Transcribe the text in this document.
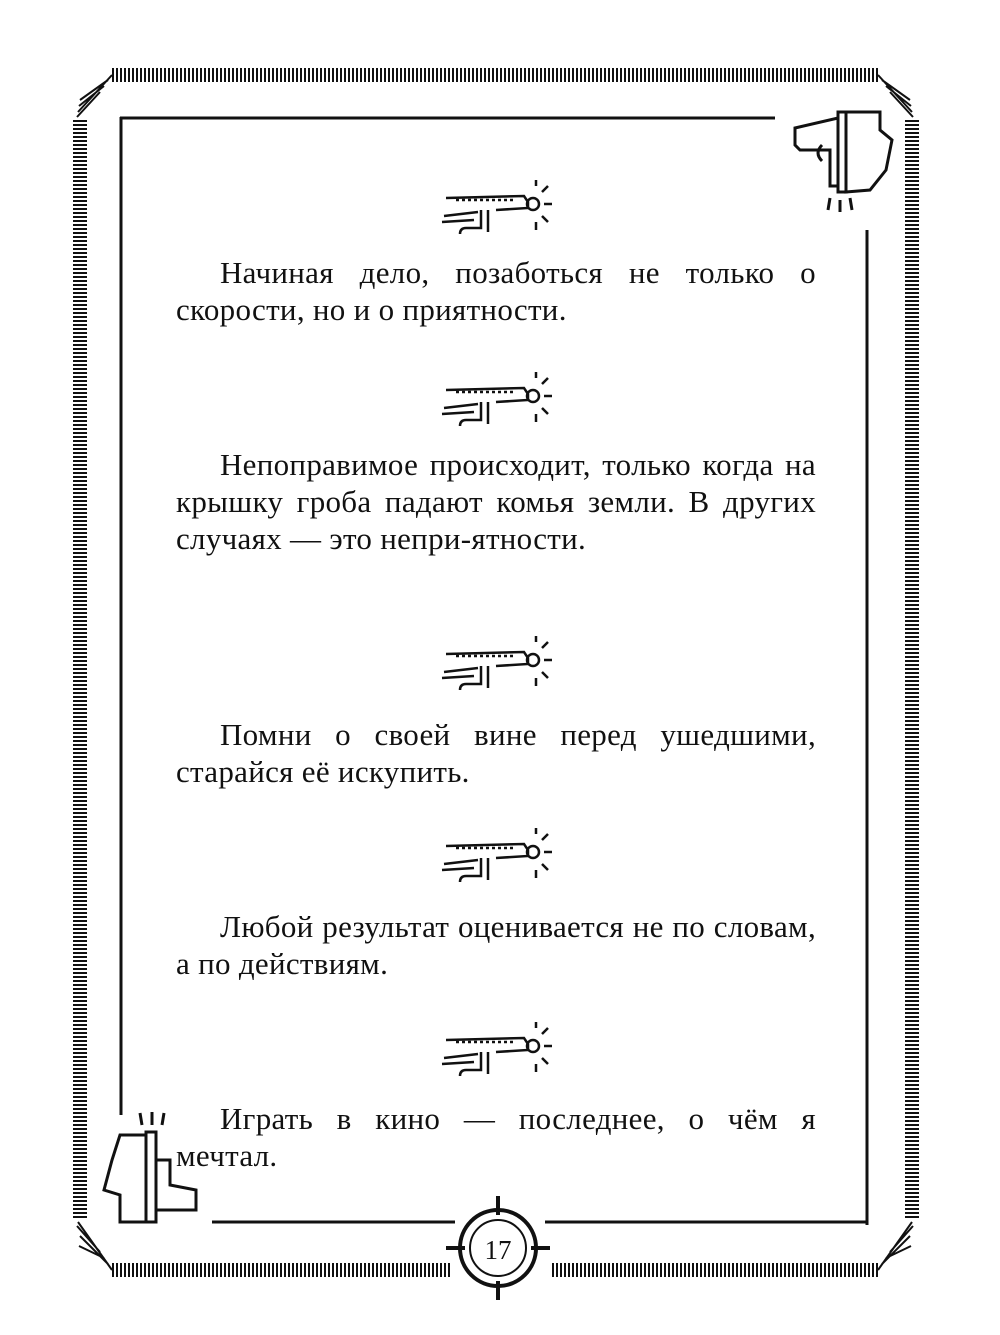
Начиная дело, позаботься не только о скорости, но и о приятности.

Непоправимое происходит, только когда на крышку гроба падают комья земли. В других случаях — это непри-ятности.

Помни о своей вине перед ушедшими, старайся её искупить.

Любой результат оценивается не по словам, а по действиям.

Играть в кино — последнее, о чём я мечтал.

17
